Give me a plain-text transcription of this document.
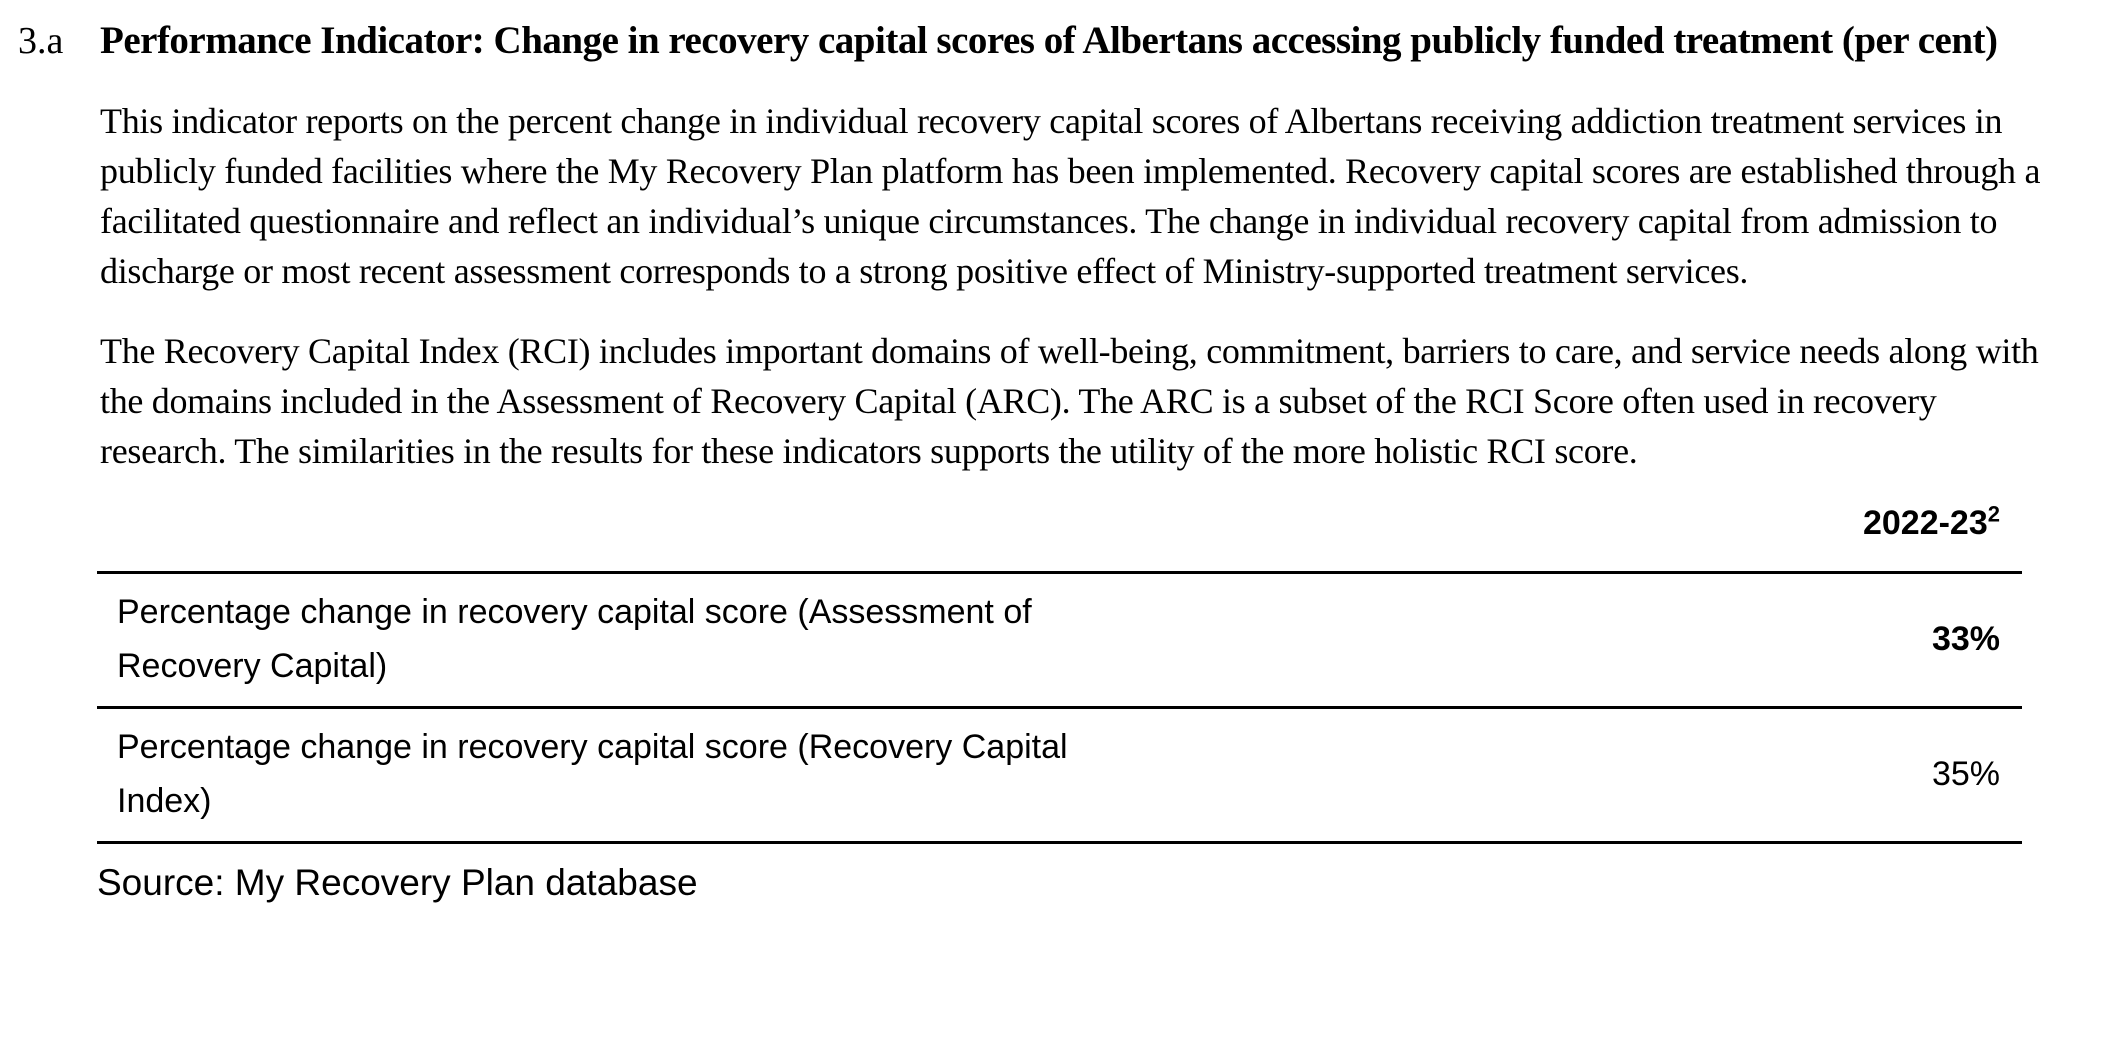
3.a Performance Indicator: Change in recovery capital scores of Albertans accessing publicly funded treatment (per cent)

This indicator reports on the percent change in individual recovery capital scores of Albertans receiving addiction treatment services in publicly funded facilities where the My Recovery Plan platform has been implemented. Recovery capital scores are established through a facilitated questionnaire and reflect an individual’s unique circumstances. The change in individual recovery capital from admission to discharge or most recent assessment corresponds to a strong positive effect of Ministry-supported treatment services.

The Recovery Capital Index (RCI) includes important domains of well-being, commitment, barriers to care, and service needs along with the domains included in the Assessment of Recovery Capital (ARC). The ARC is a subset of the RCI Score often used in recovery research. The similarities in the results for these indicators supports the utility of the more holistic RCI score.

$2022-23^2$
Percentage change in recovery capital score (Assessment of Recovery Capital)
33%
Percentage change in recovery capital score (Recovery Capital Index)
35%

Source: My Recovery Plan database
